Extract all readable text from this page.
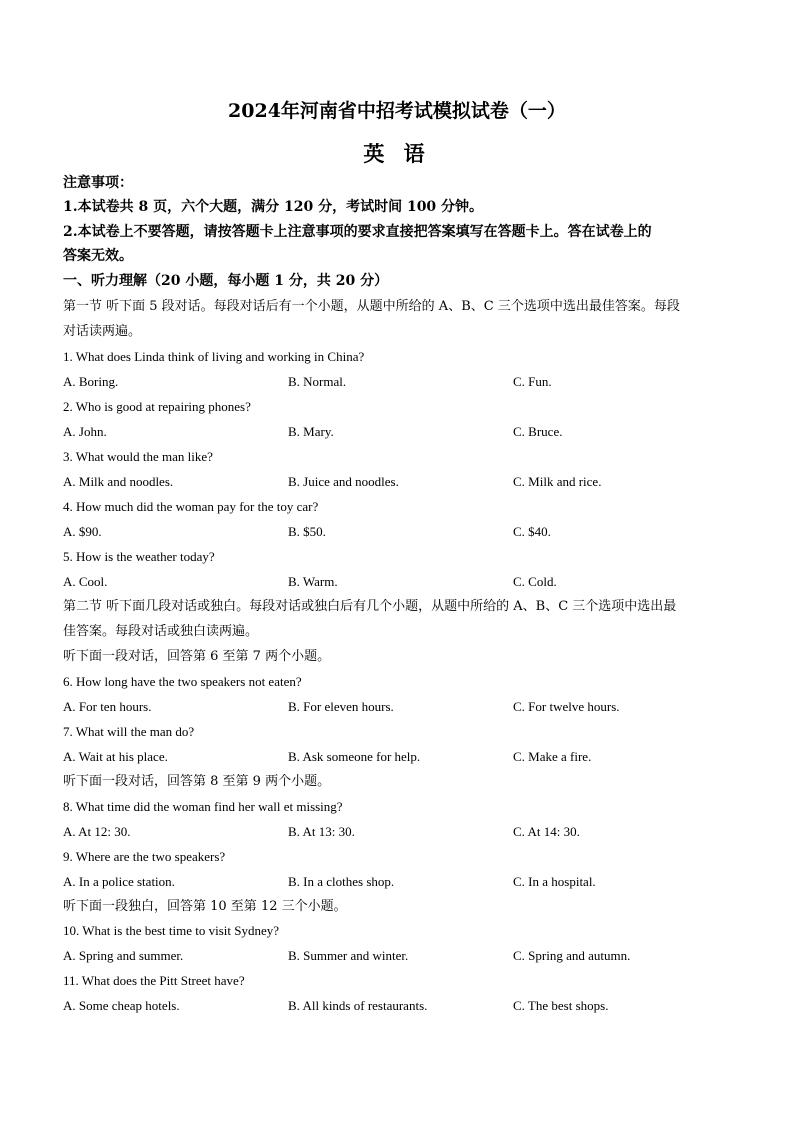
2024年河南省中招考试模拟试卷（一）
英 语
注意事项：
1.本试卷共 8 页，六个大题，满分 120 分，考试时间 100 分钟。
2.本试卷上不要答题，请按答题卡上注意事项的要求直接把答案填写在答题卡上。答在试卷上的
答案无效。
一、听力理解（20 小题，每小题 1 分，共 20 分）
第一节 听下面 5 段对话。每段对话后有一个小题，从题中所给的 A、B、C 三个选项中选出最佳答案。每段
对话读两遍。
1. What does Linda think of living and working in China?
A. Boring.	B. Normal.	C. Fun.
2. Who is good at repairing phones?
A. John.	B. Mary.	C. Bruce.
3. What would the man like?
A. Milk and noodles.	B. Juice and noodles.	C. Milk and rice.
4. How much did the woman pay for the toy car?
A. $90.	B. $50.	C. $40.
5. How is the weather today?
A. Cool.	B. Warm.	C. Cold.
第二节 听下面几段对话或独白。每段对话或独白后有几个小题，从题中所给的 A、B、C 三个选项中选出最
佳答案。每段对话或独白读两遍。
听下面一段对话，回答第 6 至第 7 两个小题。
6. How long have the two speakers not eaten?
A. For ten hours.	B. For eleven hours.	C. For twelve hours.
7. What will the man do?
A. Wait at his place.	B. Ask someone for help.	C. Make a fire.
听下面一段对话，回答第 8 至第 9 两个小题。
8. What time did the woman find her wall et missing?
A. At 12: 30.	B. At 13: 30.	C. At 14: 30.
9. Where are the two speakers?
A. In a police station.	B. In a clothes shop.	C. In a hospital.
听下面一段独白，回答第 10 至第 12 三个小题。
10. What is the best time to visit Sydney?
A. Spring and summer.	B. Summer and winter.	C. Spring and autumn.
11. What does the Pitt Street have?
A. Some cheap hotels.	B. All kinds of restaurants.	C. The best shops.
